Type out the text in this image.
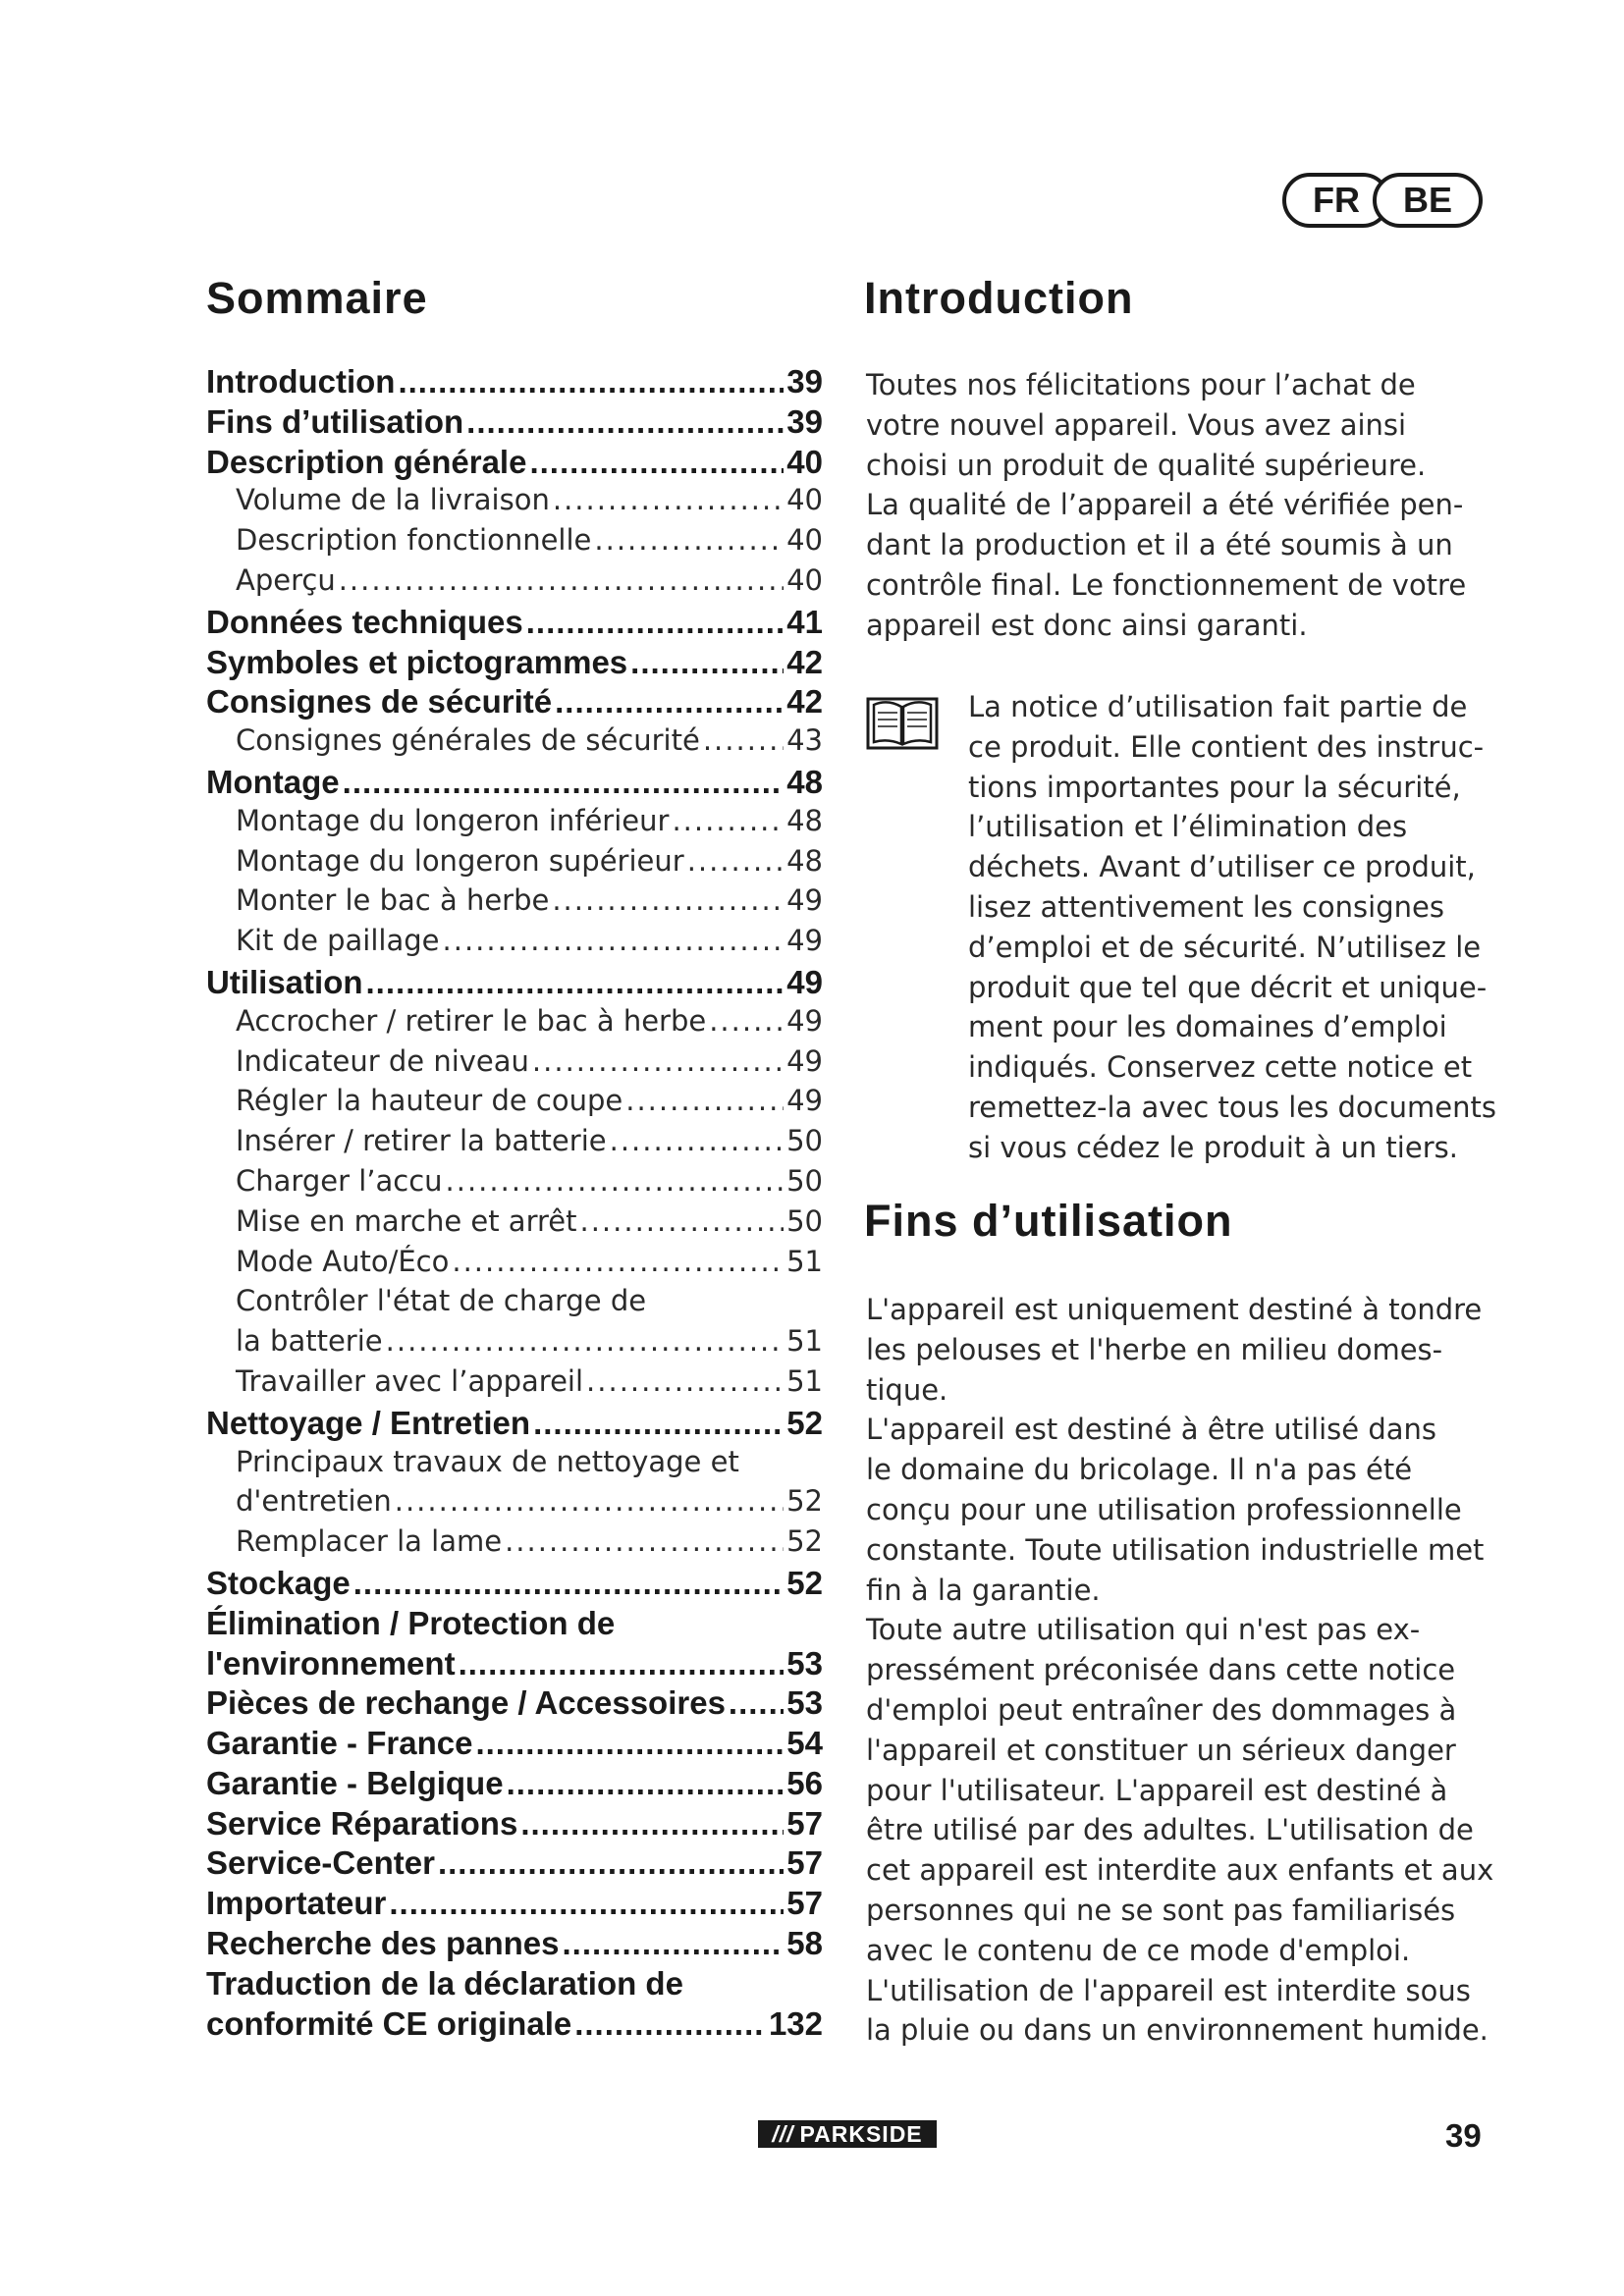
FR	BE
Sommaire	Introduction
Fins d’utilisation
Introduction .....	39
Fins d’utilisation .....	39
Description générale .....	40
Volume de la livraison .....	40
Description fonctionnelle .....	40
Aperçu .....	40
Données techniques .....	41
Symboles et pictogrammes .....	42
Consignes de sécurité .....	42
Consignes générales de sécurité .....	43
Montage .....	48
Montage du longeron inférieur .....	48
Montage du longeron supérieur .....	48
Monter le bac à herbe .....	49
Kit de paillage .....	49
Utilisation .....	49
Accrocher / retirer le bac à herbe .....	49
Indicateur de niveau .....	49
Régler la hauteur de coupe .....	49
Insérer / retirer la batterie .....	50
Charger l’accu .....	50
Mise en marche et arrêt .....	50
Mode Auto/Éco .....	51
Contrôler l'état de charge de
la batterie .....	51
Travailler avec l’appareil .....	51
Nettoyage / Entretien .....	52
Principaux travaux de nettoyage et
d'entretien .....	52
Remplacer la lame .....	52
Stockage .....	52
Élimination / Protection de
l'environnement .....	53
Pièces de rechange / Accessoires ..... 53
Garantie - France .....	54
Garantie - Belgique .....	56
Service Réparations .....	57
Service-Center .....	57
Importateur .....	57
Recherche des pannes .....	58
Traduction de la déclaration de
conformité CE originale .....	132

Toutes nos félicitations pour l’achat de
votre nouvel appareil. Vous avez ainsi
choisi un produit de qualité supérieure.
La qualité de l’appareil a été vérifiée pen-
dant la production et il a été soumis à un
contrôle final. Le fonctionnement de votre
appareil est donc ainsi garanti.

La notice d’utilisation fait partie de
ce produit. Elle contient des instruc-
tions importantes pour la sécurité,
l’utilisation et l’élimination des
déchets. Avant d’utiliser ce produit,
lisez attentivement les consignes
d’emploi et de sécurité. N’utilisez le
produit que tel que décrit et unique-
ment pour les domaines d’emploi
indiqués. Conservez cette notice et
remettez-la avec tous les documents
si vous cédez le produit à un tiers.

L'appareil est uniquement destiné à tondre
les pelouses et l'herbe en milieu domes-
tique.
L'appareil est destiné à être utilisé dans
le domaine du bricolage. Il n'a pas été
conçu pour une utilisation professionnelle
constante. Toute utilisation industrielle met
fin à la garantie.
Toute autre utilisation qui n'est pas ex-
pressément préconisée dans cette notice
d'emploi peut entraîner des dommages à
l'appareil et constituer un sérieux danger
pour l'utilisateur. L'appareil est destiné à
être utilisé par des adultes. L'utilisation de
cet appareil est interdite aux enfants et aux
personnes qui ne se sont pas familiarisés
avec le contenu de ce mode d'emploi.
L'utilisation de l'appareil est interdite sous
la pluie ou dans un environnement humide.

/// PARKSIDE	39
